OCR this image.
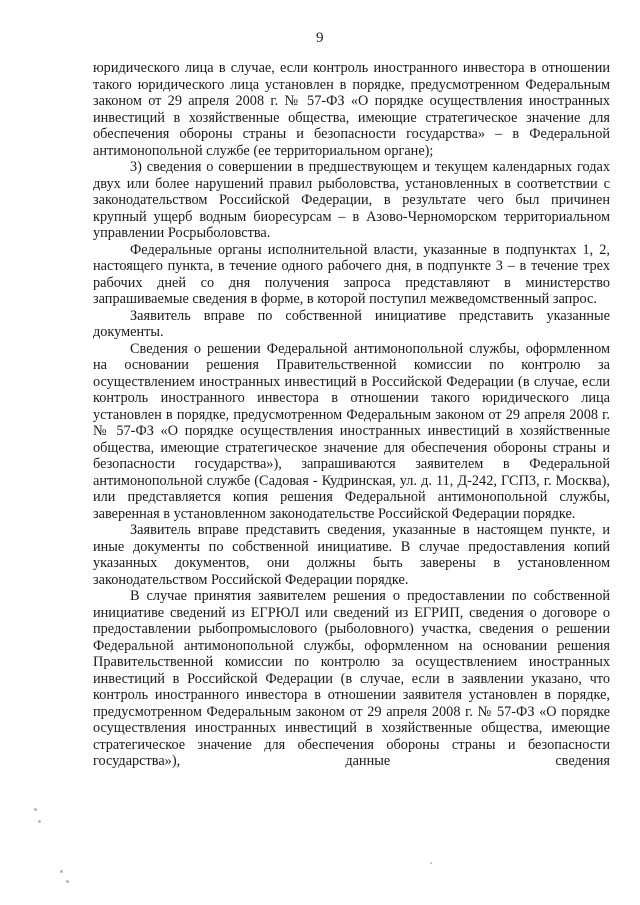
9

юридического лица в случае, если контроль иностранного инвестора в отношении такого юридического лица установлен в порядке, предусмотренном Федеральным законом от 29 апреля 2008 г. № 57-ФЗ «О порядке осуществления иностранных инвестиций в хозяйственные общества, имеющие стратегическое значение для обеспечения обороны страны и безопасности государства» – в Федеральной антимонопольной службе (ее территориальном органе);

3) сведения о совершении в предшествующем и текущем календарных годах двух или более нарушений правил рыболовства, установленных в соответствии с законодательством Российской Федерации, в результате чего был причинен крупный ущерб водным биоресурсам – в Азово-Черноморском территориальном управлении Росрыболовства.

Федеральные органы исполнительной власти, указанные в подпунктах 1, 2, настоящего пункта, в течение одного рабочего дня, в подпункте 3 – в течение трех рабочих дней со дня получения запроса представляют в министерство запрашиваемые сведения в форме, в которой поступил межведомственный запрос.

Заявитель вправе по собственной инициативе представить указанные документы.

Сведения о решении Федеральной антимонопольной службы, оформленном на основании решения Правительственной комиссии по контролю за осуществлением иностранных инвестиций в Российской Федерации (в случае, если контроль иностранного инвестора в отношении такого юридического лица установлен в порядке, предусмотренном Федеральным законом от 29 апреля 2008 г. № 57-ФЗ «О порядке осуществления иностранных инвестиций в хозяйственные общества, имеющие стратегическое значение для обеспечения обороны страны и безопасности государства»), запрашиваются заявителем в Федеральной антимонопольной службе (Садовая - Кудринская, ул. д. 11, Д-242, ГСП3, г. Москва), или представляется копия решения Федеральной антимонопольной службы, заверенная в установленном законодательстве Российской Федерации порядке.

Заявитель вправе представить сведения, указанные в настоящем пункте, и иные документы по собственной инициативе. В случае предоставления копий указанных документов, они должны быть заверены в установленном законодательством Российской Федерации порядке.

В случае принятия заявителем решения о предоставлении по собственной инициативе сведений из ЕГРЮЛ или сведений из ЕГРИП, сведения о договоре о предоставлении рыбопромыслового (рыболовного) участка, сведения о решении Федеральной антимонопольной службы, оформленном на основании решения Правительственной комиссии по контролю за осуществлением иностранных инвестиций в Российской Федерации (в случае, если в заявлении указано, что контроль иностранного инвестора в отношении заявителя установлен в порядке, предусмотренном Федеральным законом от 29 апреля 2008 г. № 57-ФЗ «О порядке осуществления иностранных инвестиций в хозяйственные общества, имеющие стратегическое значение для обеспечения обороны страны и безопасности государства»), данные сведения
